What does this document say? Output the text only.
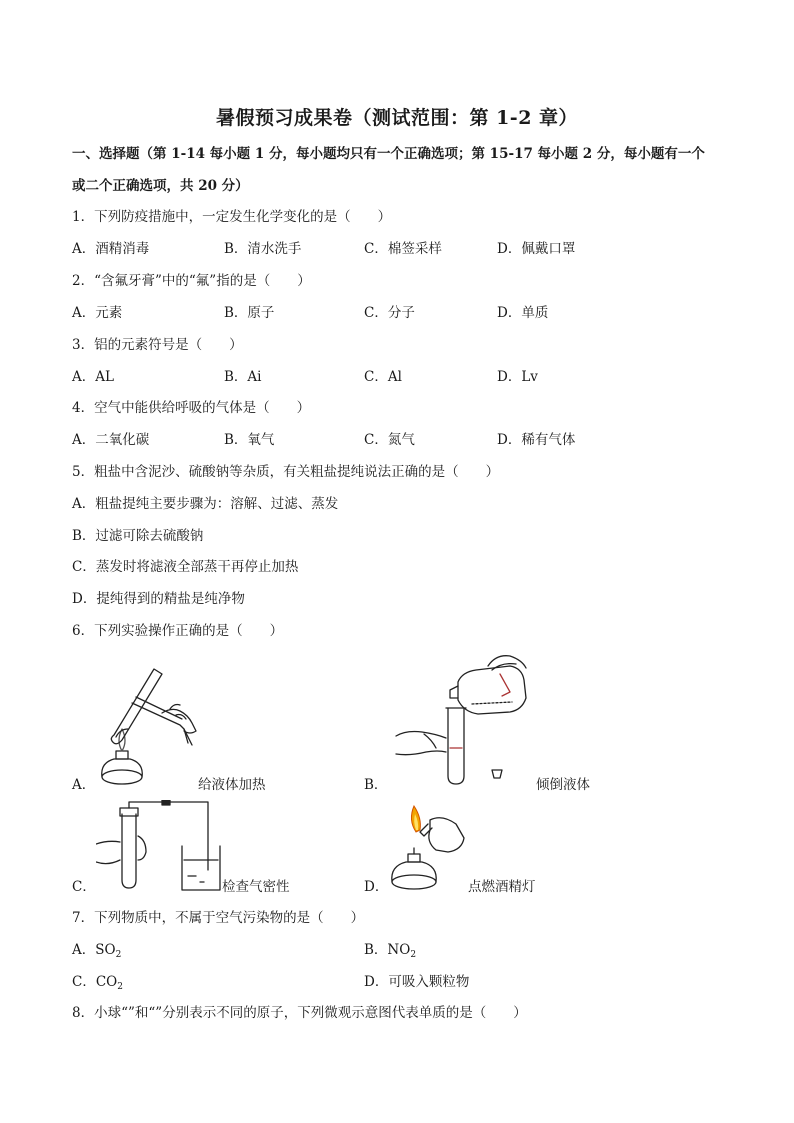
暑假预习成果卷（测试范围：第 1-2 章）
一、选择题（第 1-14 每小题 1 分，每小题均只有一个正确选项；第 15-17 每小题 2 分，每小题有一个
或二个正确选项，共 20 分）
1．下列防疫措施中，一定发生化学变化的是（　　）
A．酒精消毒	B．清水洗手	C．棉签采样	D．佩戴口罩
2．“含氟牙膏”中的“氟”指的是（　　）
A．元素	B．原子	C．分子	D．单质
3．铝的元素符号是（　　）
A．AL	B．Ai	C．Al	D．Lv
4．空气中能供给呼吸的气体是（　　）
A．二氧化碳	B．氧气	C．氮气	D．稀有气体
5．粗盐中含泥沙、硫酸钠等杂质，有关粗盐提纯说法正确的是（　　）
A．粗盐提纯主要步骤为：溶解、过滤、蒸发
B．过滤可除去硫酸钠
C．蒸发时将滤液全部蒸干再停止加热
D．提纯得到的精盐是纯净物
6．下列实验操作正确的是（　　）
A．	给液体加热	B．	倾倒液体
C．	检查气密性	D．	点燃酒精灯
7．下列物质中，不属于空气污染物的是（　　）
A．$SO_2$	B．$NO_2$
C．$CO_2$	D．可吸入颗粒物
8．小球“”和“”分别表示不同的原子，下列微观示意图代表单质的是（　　）
